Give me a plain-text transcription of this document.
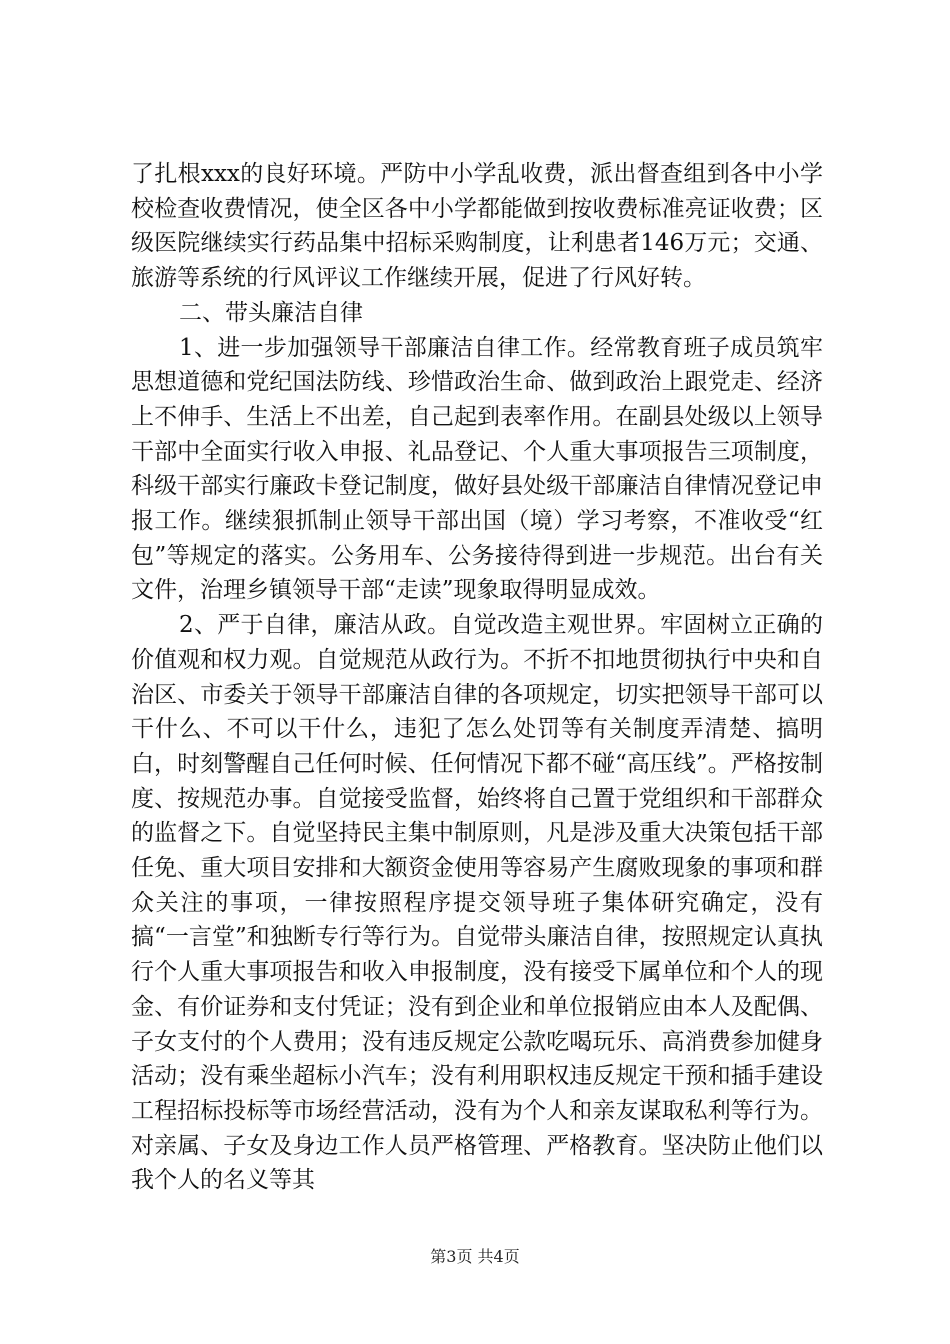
了扎根xxx的良好环境。严防中小学乱收费，派出督查组到各中小学校检查收费情况，使全区各中小学都能做到按收费标准亮证收费；区级医院继续实行药品集中招标采购制度，让利患者146万元；交通、旅游等系统的行风评议工作继续开展，促进了行风好转。

二、带头廉洁自律

1、进一步加强领导干部廉洁自律工作。经常教育班子成员筑牢思想道德和党纪国法防线、珍惜政治生命、做到政治上跟党走、经济上不伸手、生活上不出差，自己起到表率作用。在副县处级以上领导干部中全面实行收入申报、礼品登记、个人重大事项报告三项制度，科级干部实行廉政卡登记制度，做好县处级干部廉洁自律情况登记申报工作。继续狠抓制止领导干部出国（境）学习考察，不准收受“红包”等规定的落实。公务用车、公务接待得到进一步规范。出台有关文件，治理乡镇领导干部“走读”现象取得明显成效。

2、严于自律，廉洁从政。自觉改造主观世界。牢固树立正确的价值观和权力观。自觉规范从政行为。不折不扣地贯彻执行中央和自治区、市委关于领导干部廉洁自律的各项规定，切实把领导干部可以干什么、不可以干什么，违犯了怎么处罚等有关制度弄清楚、搞明白，时刻警醒自己任何时候、任何情况下都不碰“高压线”。严格按制度、按规范办事。自觉接受监督，始终将自己置于党组织和干部群众的监督之下。自觉坚持民主集中制原则，凡是涉及重大决策包括干部任免、重大项目安排和大额资金使用等容易产生腐败现象的事项和群众关注的事项，一律按照程序提交领导班子集体研究确定，没有搞“一言堂”和独断专行等行为。自觉带头廉洁自律，按照规定认真执行个人重大事项报告和收入申报制度，没有接受下属单位和个人的现金、有价证券和支付凭证；没有到企业和单位报销应由本人及配偶、子女支付的个人费用；没有违反规定公款吃喝玩乐、高消费参加健身活动；没有乘坐超标小汽车；没有利用职权违反规定干预和插手建设工程招标投标等市场经营活动，没有为个人和亲友谋取私利等行为。对亲属、子女及身边工作人员严格管理、严格教育。坚决防止他们以我个人的名义等其

第3页 共4页
